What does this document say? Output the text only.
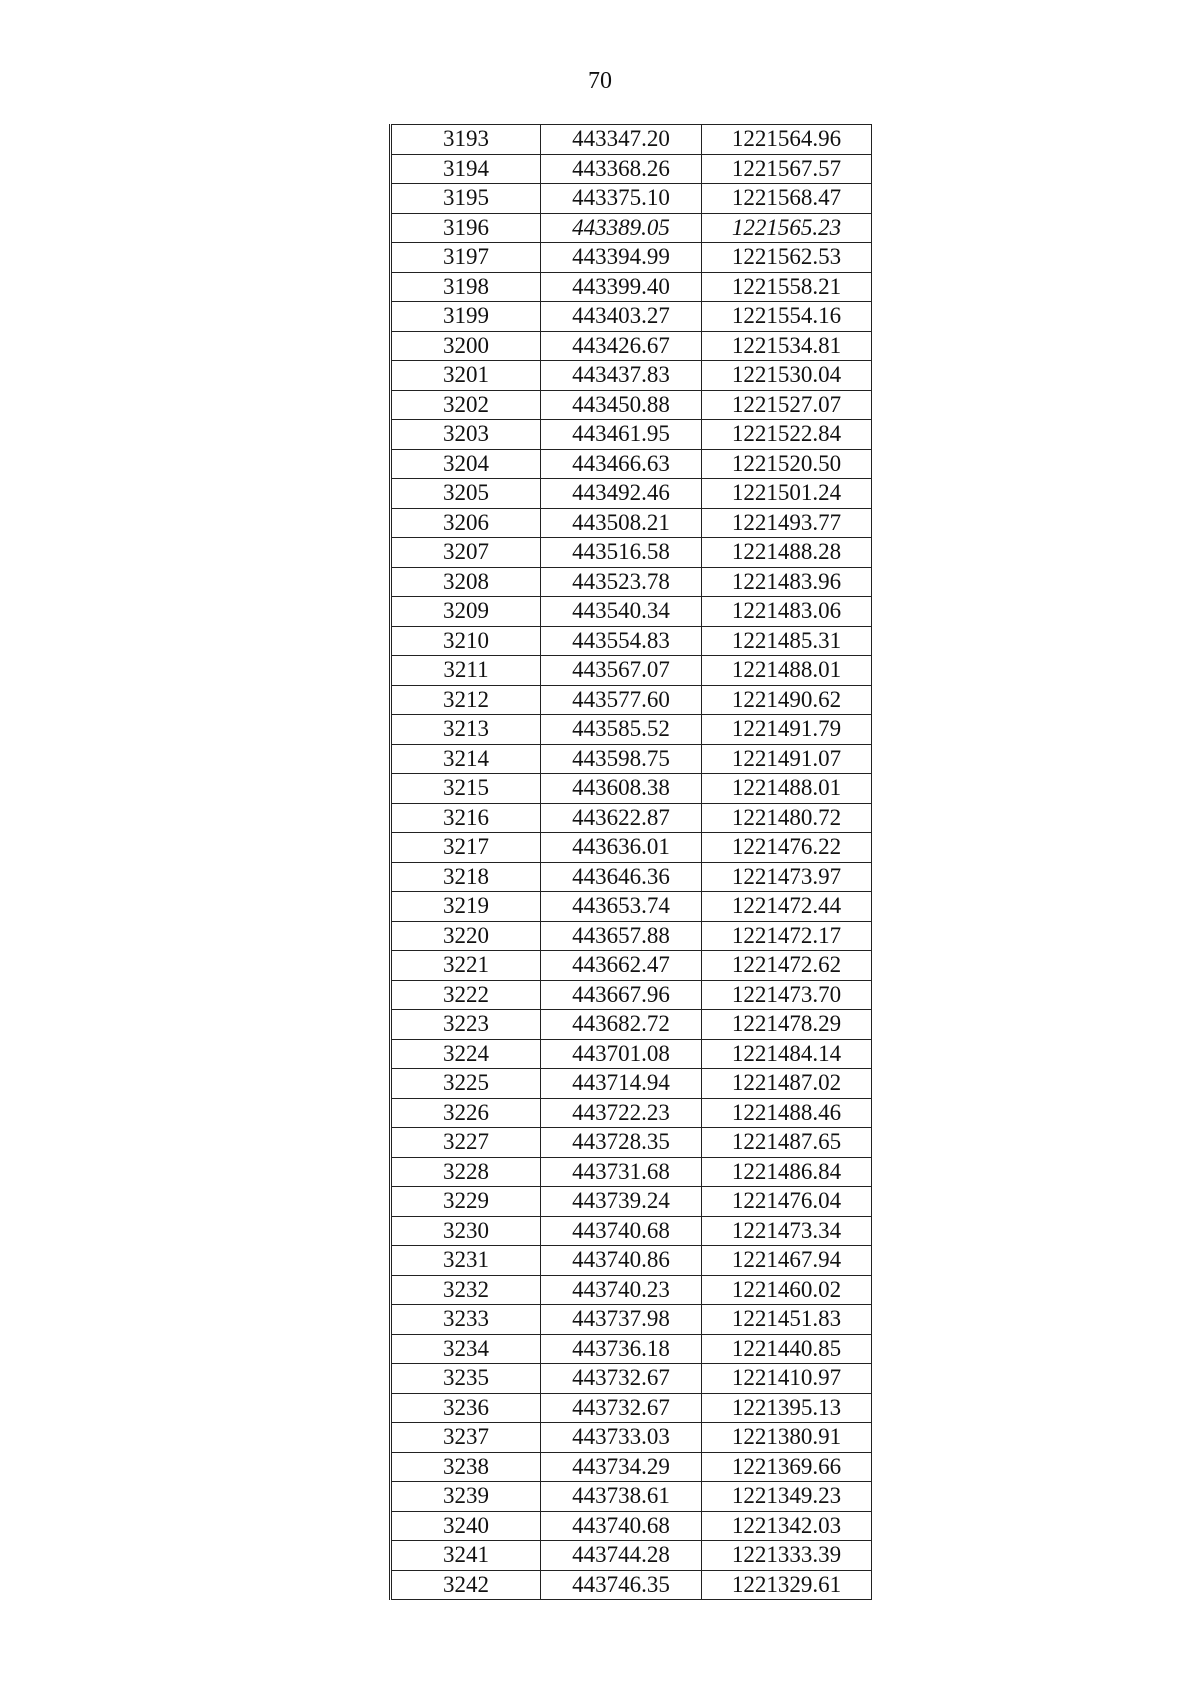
70
3193	443347.20	1221564.96
3194	443368.26	1221567.57
3195	443375.10	1221568.47
3196	443389.05	1221565.23
3197	443394.99	1221562.53
3198	443399.40	1221558.21
3199	443403.27	1221554.16
3200	443426.67	1221534.81
3201	443437.83	1221530.04
3202	443450.88	1221527.07
3203	443461.95	1221522.84
3204	443466.63	1221520.50
3205	443492.46	1221501.24
3206	443508.21	1221493.77
3207	443516.58	1221488.28
3208	443523.78	1221483.96
3209	443540.34	1221483.06
3210	443554.83	1221485.31
3211	443567.07	1221488.01
3212	443577.60	1221490.62
3213	443585.52	1221491.79
3214	443598.75	1221491.07
3215	443608.38	1221488.01
3216	443622.87	1221480.72
3217	443636.01	1221476.22
3218	443646.36	1221473.97
3219	443653.74	1221472.44
3220	443657.88	1221472.17
3221	443662.47	1221472.62
3222	443667.96	1221473.70
3223	443682.72	1221478.29
3224	443701.08	1221484.14
3225	443714.94	1221487.02
3226	443722.23	1221488.46
3227	443728.35	1221487.65
3228	443731.68	1221486.84
3229	443739.24	1221476.04
3230	443740.68	1221473.34
3231	443740.86	1221467.94
3232	443740.23	1221460.02
3233	443737.98	1221451.83
3234	443736.18	1221440.85
3235	443732.67	1221410.97
3236	443732.67	1221395.13
3237	443733.03	1221380.91
3238	443734.29	1221369.66
3239	443738.61	1221349.23
3240	443740.68	1221342.03
3241	443744.28	1221333.39
3242	443746.35	1221329.61
